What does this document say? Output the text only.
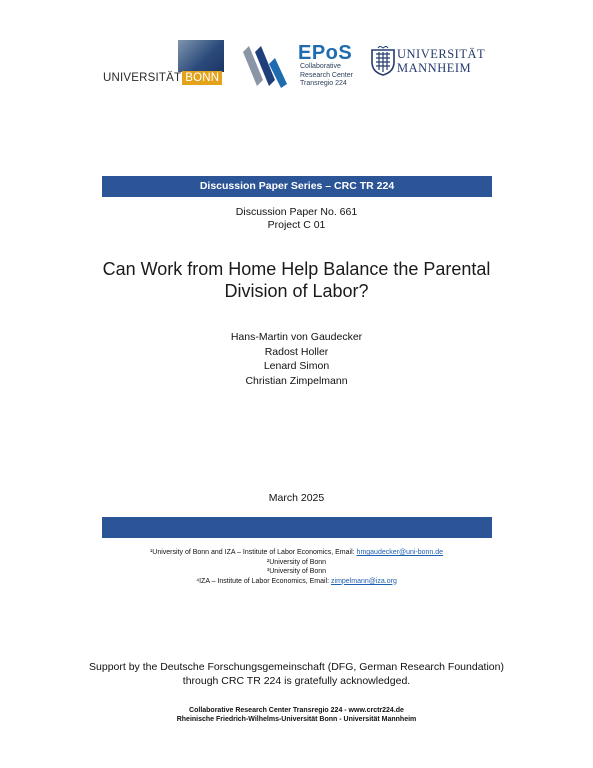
UNIVERSITÄT BONN
EPoS
Collaborative
Research Center
Transregio 224
UNIVERSITÄT
MANNHEIM
Discussion Paper Series – CRC TR 224
Discussion Paper No. 661
Project C 01
Can Work from Home Help Balance the Parental
Division of Labor?
Hans-Martin von Gaudecker
Radost Holler
Lenard Simon
Christian Zimpelmann
March 2025
¹University of Bonn and IZA – Institute of Labor Economics, Email: hmgaudecker@uni-bonn.de
²University of Bonn
³University of Bonn
⁴IZA – Institute of Labor Economics, Email: zimpelmann@iza.org
Support by the Deutsche Forschungsgemeinschaft (DFG, German Research Foundation)
through CRC TR 224 is gratefully acknowledged.
Collaborative Research Center Transregio 224 - www.crctr224.de
Rheinische Friedrich-Wilhelms-Universität Bonn - Universität Mannheim
